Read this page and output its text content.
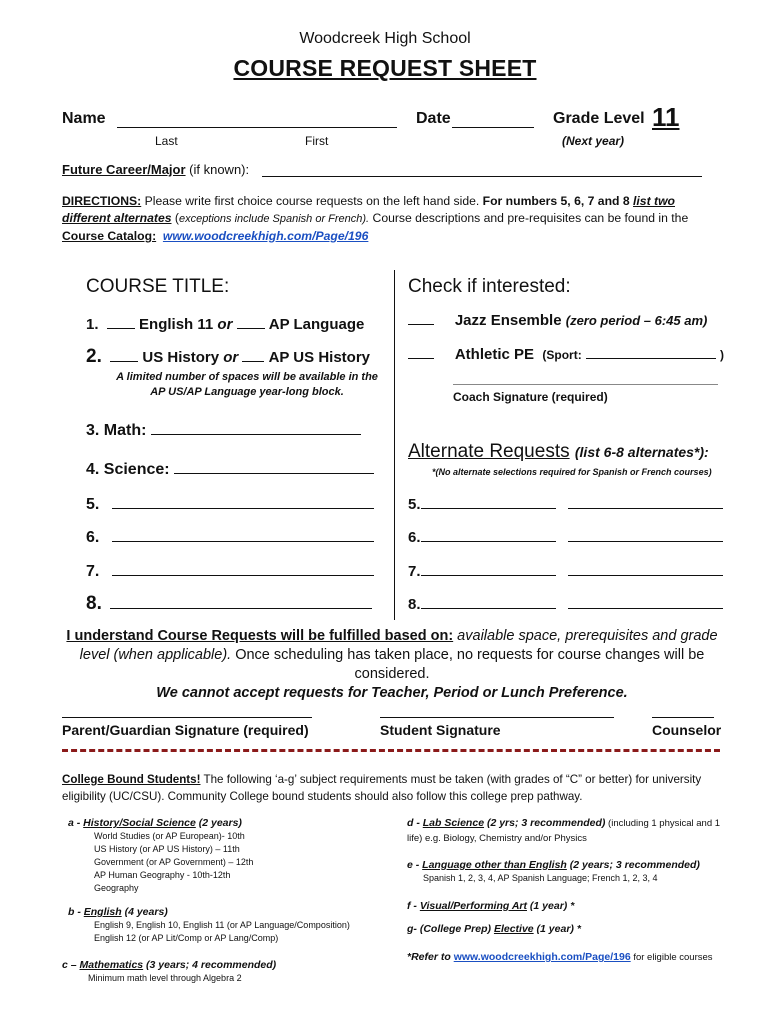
Woodcreek High School
COURSE REQUEST SHEET
Name
Last	First
Date	Grade Level 11
(Next year)
Future Career/Major (if known):
DIRECTIONS: Please write first choice course requests on the left hand side. For numbers 5, 6, 7 and 8 list two different alternates (exceptions include Spanish or French). Course descriptions and pre-requisites can be found in the Course Catalog: www.woodcreekhigh.com/Page/196
COURSE TITLE:
1.	English 11 or AP Language
2.	US History or AP US History
A limited number of spaces will be available in the AP US/AP Language year-long block.
3. Math:
4. Science:
5.
6.
7.
8.
Check if interested:
Jazz Ensemble (zero period – 6:45 am)
Athletic PE (Sport:	)
Coach Signature (required)
Alternate Requests (list 6-8 alternates*):
*(No alternate selections required for Spanish or French courses)
5.
6.
7.
8.
I understand Course Requests will be fulfilled based on: available space, prerequisites and grade level (when applicable). Once scheduling has taken place, no requests for course changes will be considered.
We cannot accept requests for Teacher, Period or Lunch Preference.
Parent/Guardian Signature (required)	Student Signature	Counselor
College Bound Students! The following ‘a-g’ subject requirements must be taken (with grades of “C” or better) for university eligibility (UC/CSU). Community College bound students should also follow this college prep pathway.
a - History/Social Science (2 years)
World Studies (or AP European)- 10th
US History (or AP US History) – 11th
Government (or AP Government) – 12th
AP Human Geography - 10th-12th
Geography
b - English (4 years)
English 9, English 10, English 11 (or AP Language/Composition)
English 12 (or AP Lit/Comp or AP Lang/Comp)
c – Mathematics (3 years; 4 recommended)
Minimum math level through Algebra 2
d - Lab Science (2 yrs; 3 recommended) (including 1 physical and 1 life) e.g. Biology, Chemistry and/or Physics
e - Language other than English (2 years; 3 recommended)
Spanish 1, 2, 3, 4, AP Spanish Language; French 1, 2, 3, 4
f - Visual/Performing Art (1 year) *
g- (College Prep) Elective (1 year) *
*Refer to www.woodcreekhigh.com/Page/196 for eligible courses
